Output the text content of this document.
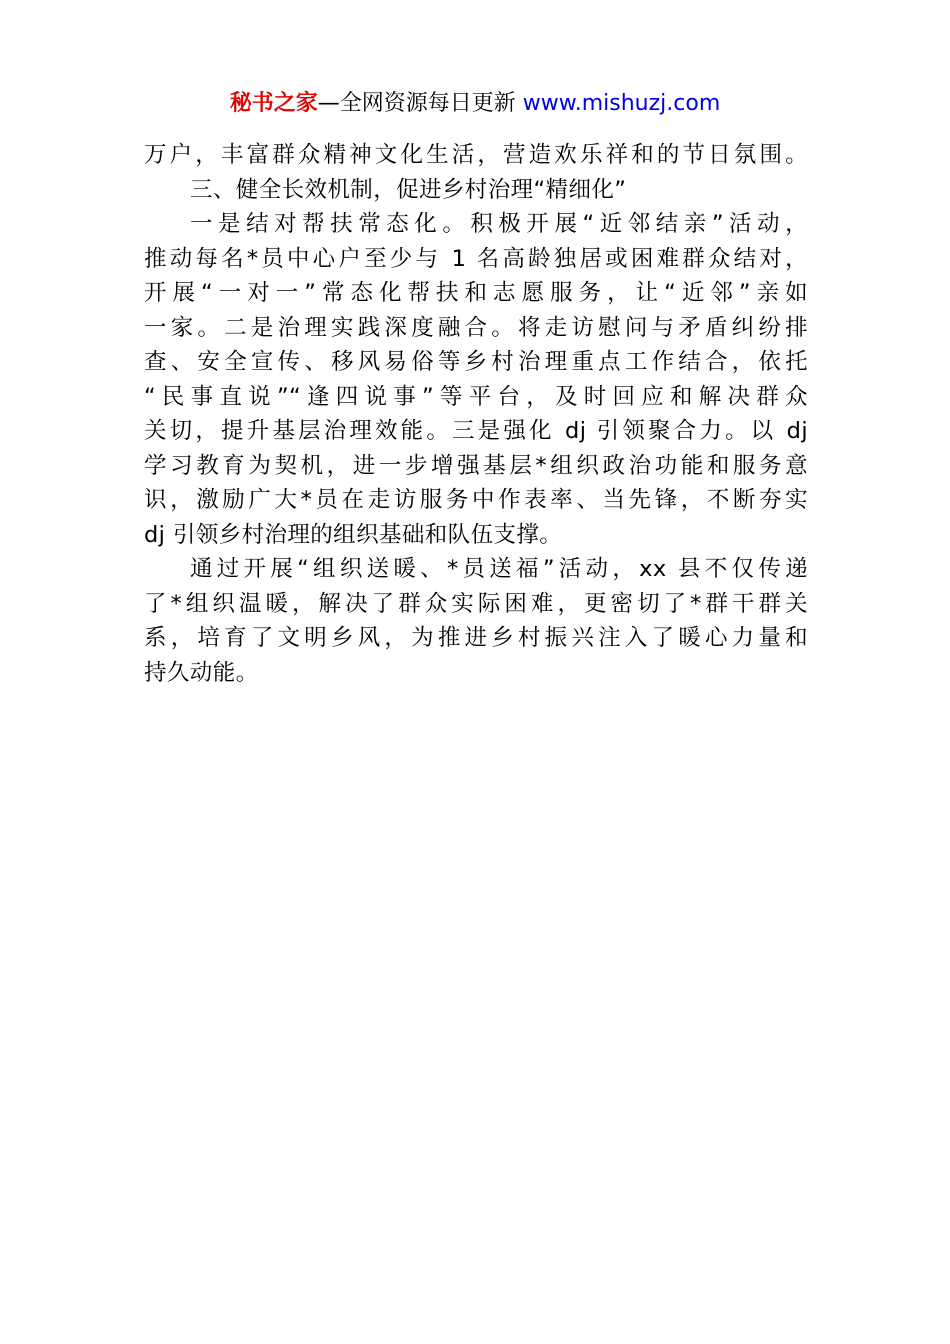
秘书之家—全网资源每日更新 www.mishuzj.com
万户，丰富群众精神文化生活，营造欢乐祥和的节日氛围。
三、健全长效机制，促进乡村治理“精细化”
一是结对帮扶常态化。积极开展“近邻结亲”活动，
推动每名*员中心户至少与 1 名高龄独居或困难群众结对，
开展“一对一”常态化帮扶和志愿服务，让“近邻”亲如
一家。二是治理实践深度融合。将走访慰问与矛盾纠纷排
查、安全宣传、移风易俗等乡村治理重点工作结合，依托
“民事直说”“逢四说事”等平台，及时回应和解决群众
关切，提升基层治理效能。三是强化 dj 引领聚合力。以 dj
学习教育为契机，进一步增强基层*组织政治功能和服务意
识，激励广大*员在走访服务中作表率、当先锋，不断夯实
dj 引领乡村治理的组织基础和队伍支撑。
通过开展“组织送暖、*员送福”活动，xx 县不仅传递
了*组织温暖，解决了群众实际困难，更密切了*群干群关
系，培育了文明乡风，为推进乡村振兴注入了暖心力量和
持久动能。
